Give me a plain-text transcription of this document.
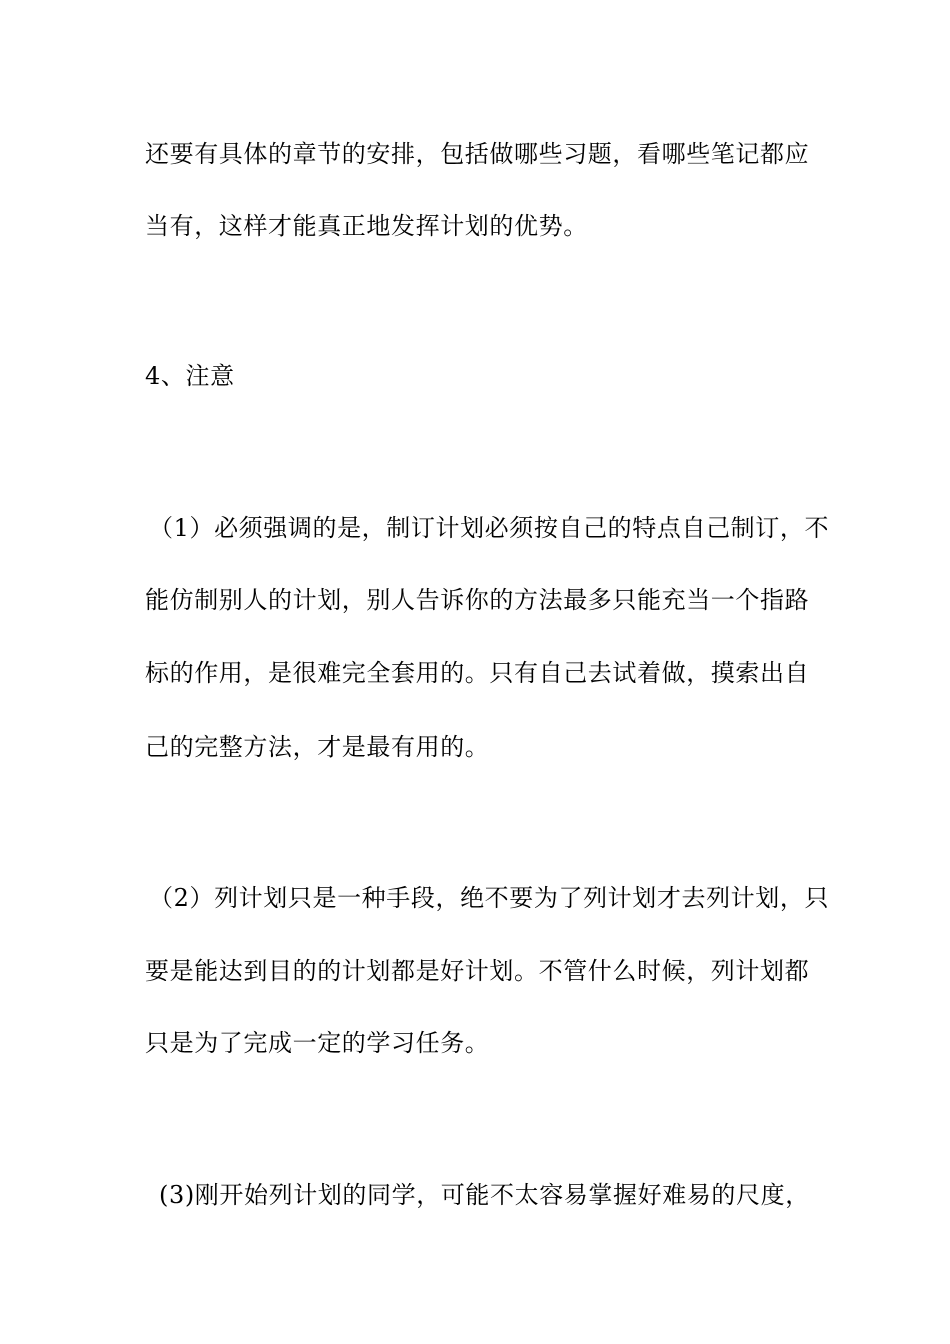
还要有具体的章节的安排，包括做哪些习题，看哪些笔记都应
当有，这样才能真正地发挥计划的优势。
4、注意
（1）必须强调的是，制订计划必须按自己的特点自己制订，不
能仿制别人的计划，别人告诉你的方法最多只能充当一个指路
标的作用，是很难完全套用的。只有自己去试着做，摸索出自
己的完整方法，才是最有用的。
（2）列计划只是一种手段，绝不要为了列计划才去列计划，只
要是能达到目的的计划都是好计划。不管什么时候，列计划都
只是为了完成一定的学习任务。
(3)刚开始列计划的同学，可能不太容易掌握好难易的尺度，
